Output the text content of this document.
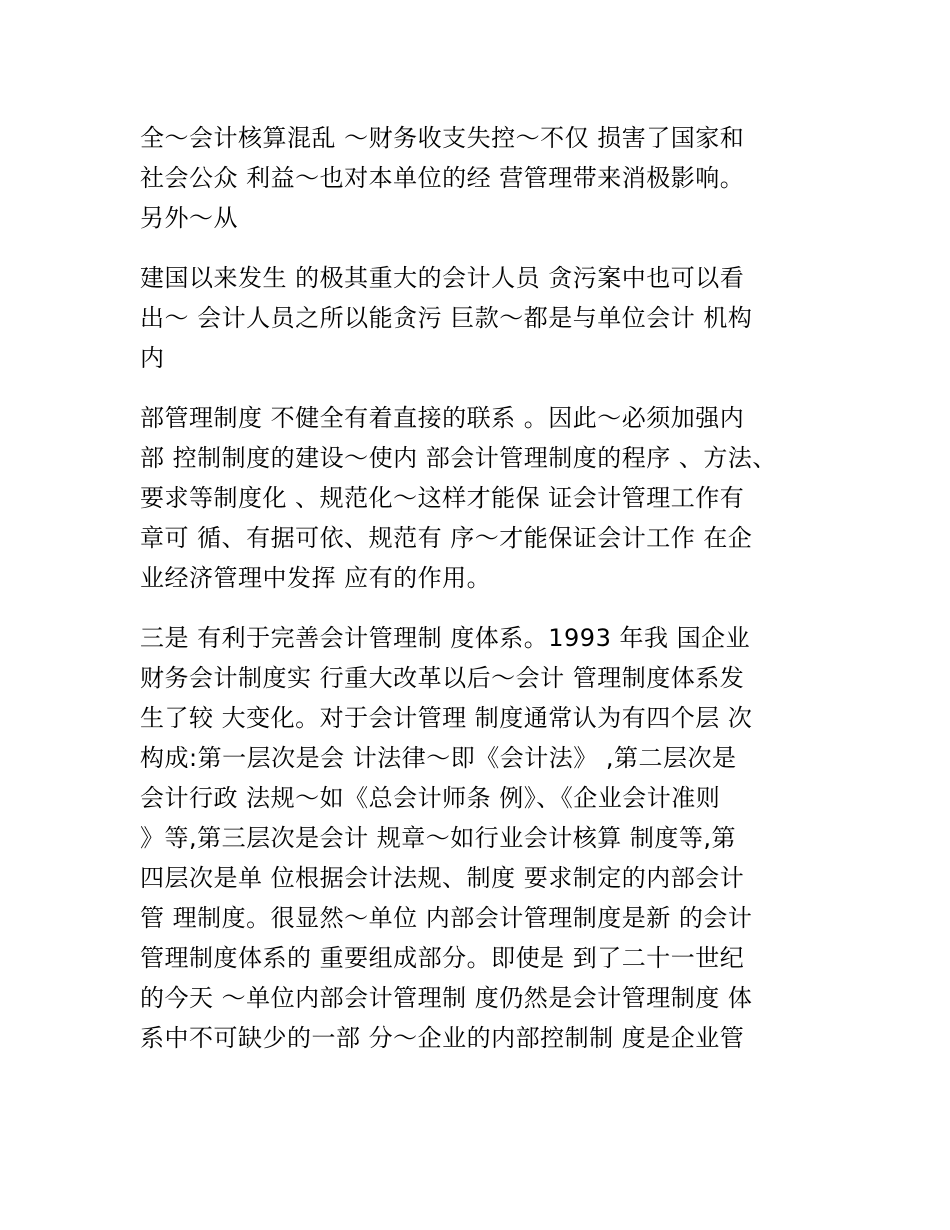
全～会计核算混乱 ～财务收支失控～不仅 损害了国家和
社会公众 利益～也对本单位的经 营管理带来消极影响。
另外～从

建国以来发生 的极其重大的会计人员 贪污案中也可以看
出～ 会计人员之所以能贪污 巨款～都是与单位会计 机构
内

部管理制度 不健全有着直接的联系 。因此～必须加强内
部 控制制度的建设～使内 部会计管理制度的程序 、方法、
要求等制度化 、规范化～这样才能保 证会计管理工作有
章可 循、有据可依、规范有 序～才能保证会计工作 在企
业经济管理中发挥 应有的作用。

三是 有利于完善会计管理制 度体系。1993 年我 国企业
财务会计制度实 行重大改革以后～会计 管理制度体系发
生了较 大变化。对于会计管理 制度通常认为有四个层 次
构成:第一层次是会 计法律～即《会计法》 ,第二层次是
会计行政 法规～如《总会计师条 例》、《企业会计准则
》等,第三层次是会计 规章～如行业会计核算 制度等,第
四层次是单 位根据会计法规、制度 要求制定的内部会计
管 理制度。很显然～单位 内部会计管理制度是新 的会计
管理制度体系的 重要组成部分。即使是 到了二十一世纪
的今天 ～单位内部会计管理制 度仍然是会计管理制度 体
系中不可缺少的一部 分～企业的内部控制制 度是企业管
